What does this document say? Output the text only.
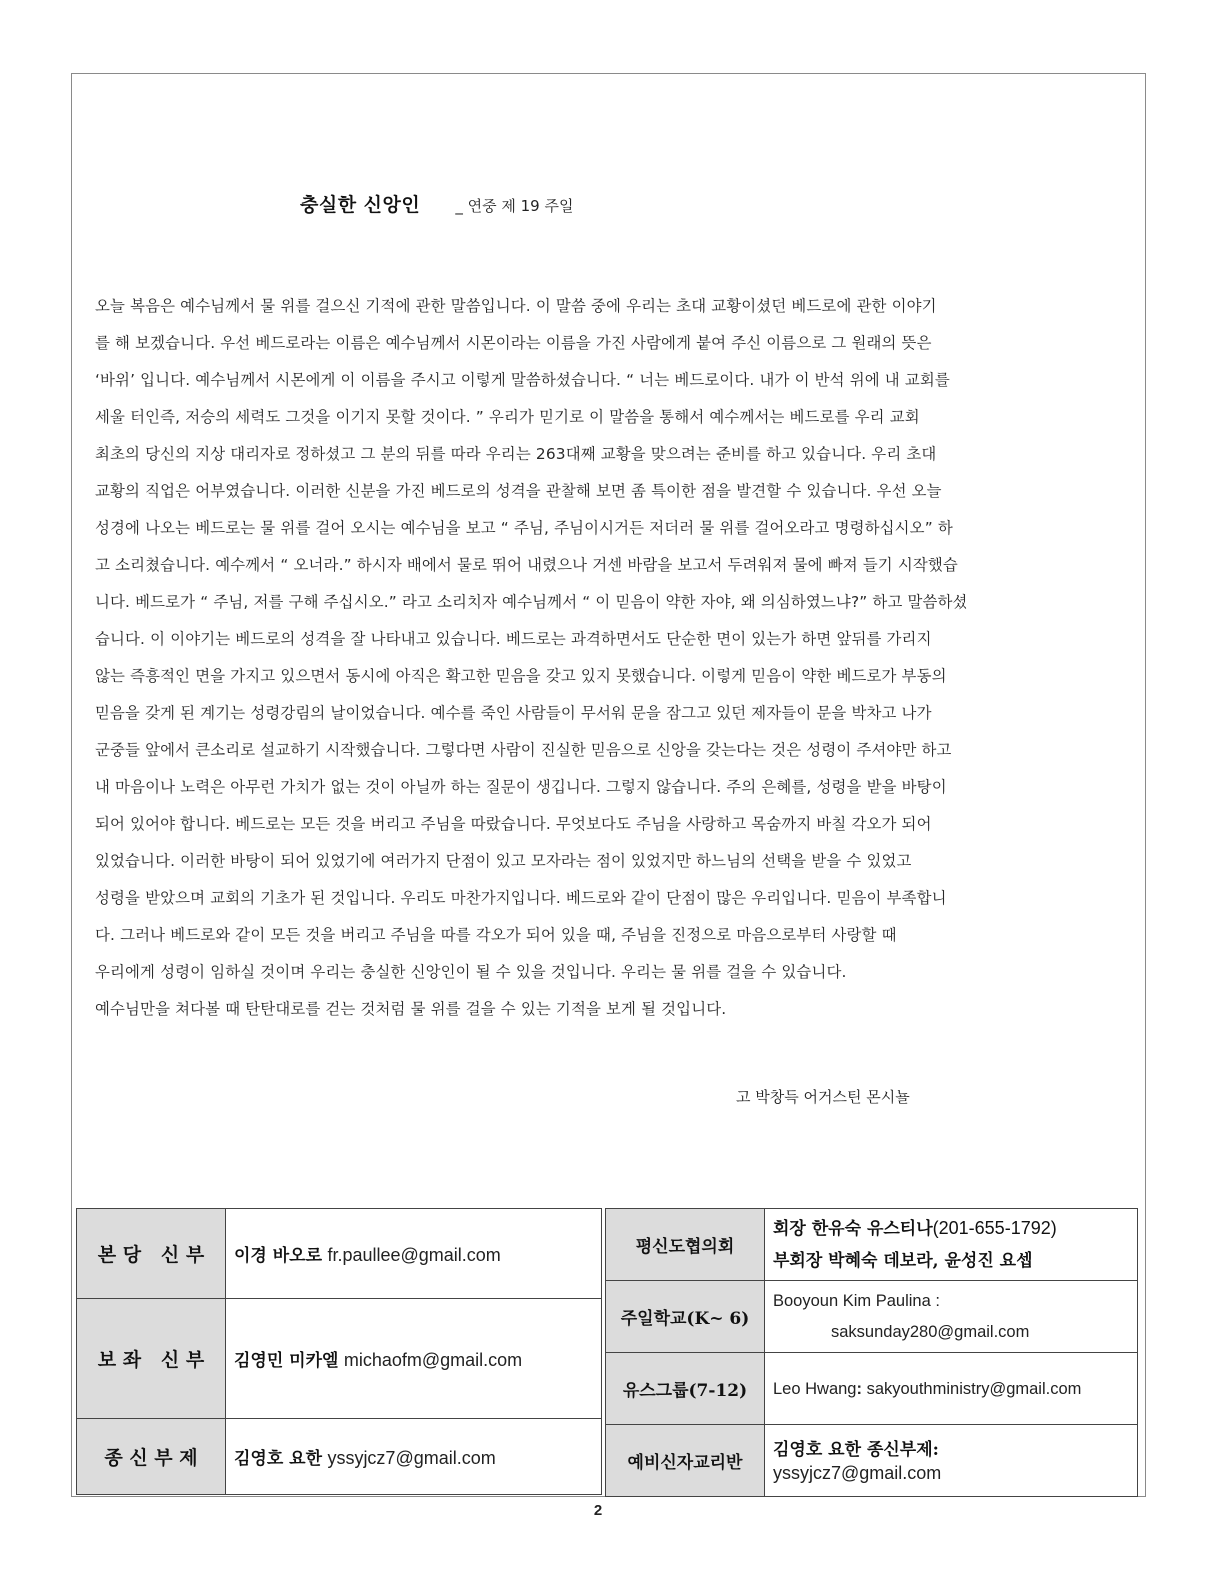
충실한 신앙인 _ 연중 제 19 주일
오늘 복음은 예수님께서 물 위를 걸으신 기적에 관한 말씀입니다. 이 말씀 중에 우리는 초대 교황이셨던 베드로에 관한 이야기
를 해 보겠습니다. 우선 베드로라는 이름은 예수님께서 시몬이라는 이름을 가진 사람에게 붙여 주신 이름으로 그 원래의 뜻은
‘바위’ 입니다. 예수님께서 시몬에게 이 이름을 주시고 이렇게 말씀하셨습니다. “ 너는 베드로이다. 내가 이 반석 위에 내 교회를
세울 터인즉, 저승의 세력도 그것을 이기지 못할 것이다. ” 우리가 믿기로 이 말씀을 통해서 예수께서는 베드로를 우리 교회
최초의 당신의 지상 대리자로 정하셨고 그 분의 뒤를 따라 우리는 263대째 교황을 맞으려는 준비를 하고 있습니다. 우리 초대
교황의 직업은 어부였습니다. 이러한 신분을 가진 베드로의 성격을 관찰해 보면 좀 특이한 점을 발견할 수 있습니다. 우선 오늘
성경에 나오는 베드로는 물 위를 걸어 오시는 예수님을 보고 “ 주님, 주님이시거든 저더러 물 위를 걸어오라고 명령하십시오” 하
고 소리쳤습니다. 예수께서 “ 오너라.” 하시자 배에서 물로 뛰어 내렸으나 거센 바람을 보고서 두려워져 물에 빠져 들기 시작했습
니다. 베드로가 “ 주님, 저를 구해 주십시오.” 라고 소리치자 예수님께서 “ 이 믿음이 약한 자야, 왜 의심하였느냐?” 하고 말씀하셨
습니다. 이 이야기는 베드로의 성격을 잘 나타내고 있습니다. 베드로는 과격하면서도 단순한 면이 있는가 하면 앞뒤를 가리지
않는 즉흥적인 면을 가지고 있으면서 동시에 아직은 확고한 믿음을 갖고 있지 못했습니다. 이렇게 믿음이 약한 베드로가 부동의
믿음을 갖게 된 계기는 성령강림의 날이었습니다. 예수를 죽인 사람들이 무서워 문을 잠그고 있던 제자들이 문을 박차고 나가
군중들 앞에서 큰소리로 설교하기 시작했습니다. 그렇다면 사람이 진실한 믿음으로 신앙을 갖는다는 것은 성령이 주셔야만 하고
내 마음이나 노력은 아무런 가치가 없는 것이 아닐까 하는 질문이 생깁니다. 그렇지 않습니다. 주의 은혜를, 성령을 받을 바탕이
되어 있어야 합니다. 베드로는 모든 것을 버리고 주님을 따랐습니다. 무엇보다도 주님을 사랑하고 목숨까지 바칠 각오가 되어
있었습니다. 이러한 바탕이 되어 있었기에 여러가지 단점이 있고 모자라는 점이 있었지만 하느님의 선택을 받을 수 있었고
성령을 받았으며 교회의 기초가 된 것입니다. 우리도 마찬가지입니다. 베드로와 같이 단점이 많은 우리입니다. 믿음이 부족합니
다. 그러나 베드로와 같이 모든 것을 버리고 주님을 따를 각오가 되어 있을 때, 주님을 진정으로 마음으로부터 사랑할 때
우리에게 성령이 임하실 것이며 우리는 충실한 신앙인이 될 수 있을 것입니다. 우리는 물 위를 걸을 수 있습니다.
예수님만을 쳐다볼 때 탄탄대로를 걷는 것처럼 물 위를 걸을 수 있는 기적을 보게 될 것입니다.
고 박창득 어거스틴 몬시뇰
본 당   신 부	이경 바오로 fr.paullee@gmail.com
보 좌   신 부	김영민 미카엘 michaofm@gmail.com
종 신 부 제	김영호 요한 yssyjcz7@gmail.com
평신도협의회	회장 한유숙 유스티나(201-655-1792)
부회장 박혜숙 데보라, 윤성진 요셉

주일학교(K~ 6)	Booyoun Kim Paulina :
saksunday280@gmail.com

유스그룹(7-12)	Leo Hwang: sakyouthministry@gmail.com
예비신자교리반	김영호 요한 종신부제:
yssyjcz7@gmail.com
2
